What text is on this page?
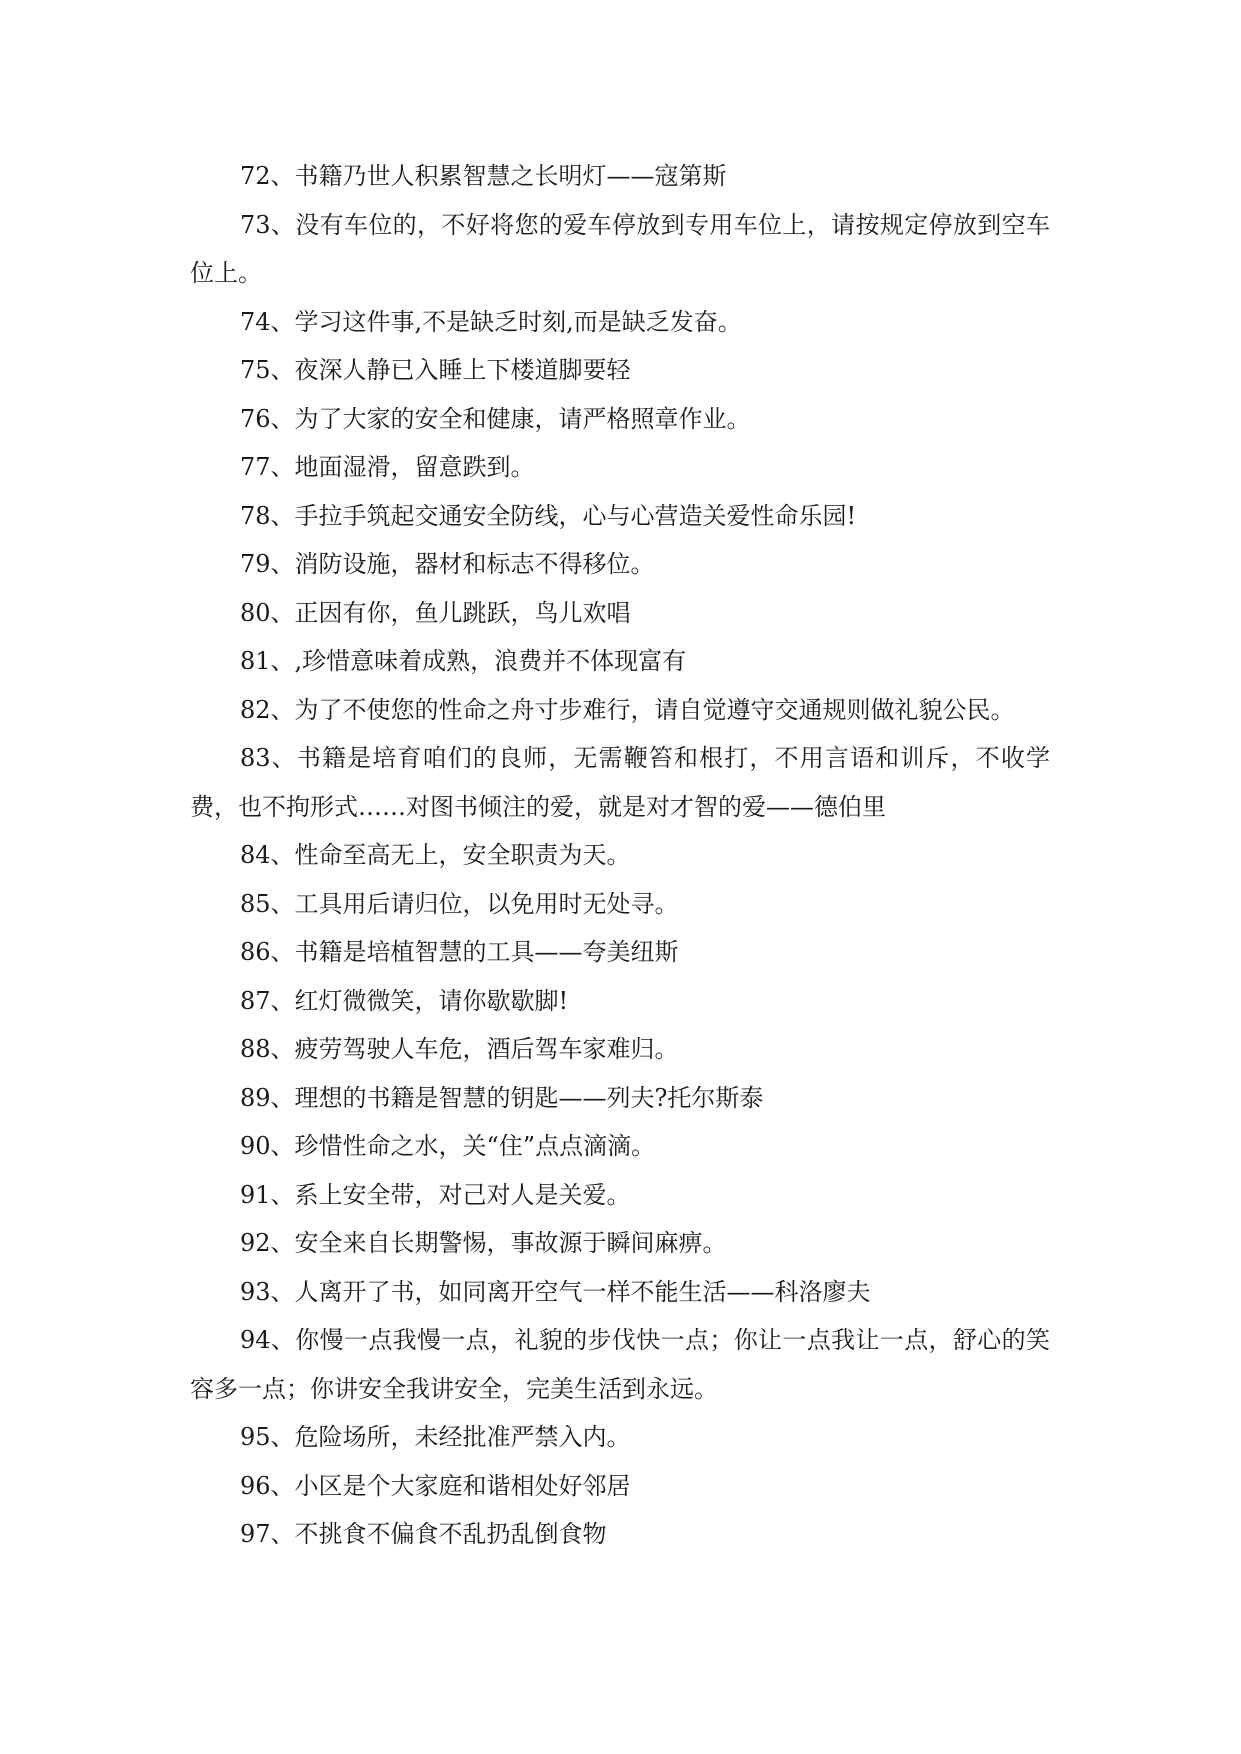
72、书籍乃世人积累智慧之长明灯——寇第斯

73、没有车位的，不好将您的爱车停放到专用车位上，请按规定停放到空车位上。

74、学习这件事,不是缺乏时刻,而是缺乏发奋。

75、夜深人静已入睡上下楼道脚要轻

76、为了大家的安全和健康，请严格照章作业。

77、地面湿滑，留意跌到。

78、手拉手筑起交通安全防线，心与心营造关爱性命乐园!

79、消防设施，器材和标志不得移位。

80、正因有你，鱼儿跳跃，鸟儿欢唱

81、,珍惜意味着成熟，浪费并不体现富有

82、为了不使您的性命之舟寸步难行，请自觉遵守交通规则做礼貌公民。

83、书籍是培育咱们的良师，无需鞭笞和根打，不用言语和训斥，不收学费，也不拘形式……对图书倾注的爱，就是对才智的爱——德伯里

84、性命至高无上，安全职责为天。

85、工具用后请归位，以免用时无处寻。

86、书籍是培植智慧的工具——夸美纽斯

87、红灯微微笑，请你歇歇脚!

88、疲劳驾驶人车危，酒后驾车家难归。

89、理想的书籍是智慧的钥匙——列夫?托尔斯泰

90、珍惜性命之水，关“住”点点滴滴。

91、系上安全带，对己对人是关爱。

92、安全来自长期警惕，事故源于瞬间麻痹。

93、人离开了书，如同离开空气一样不能生活——科洛廖夫

94、你慢一点我慢一点，礼貌的步伐快一点；你让一点我让一点，舒心的笑容多一点；你讲安全我讲安全，完美生活到永远。

95、危险场所，未经批准严禁入内。

96、小区是个大家庭和谐相处好邻居

97、不挑食不偏食不乱扔乱倒食物
